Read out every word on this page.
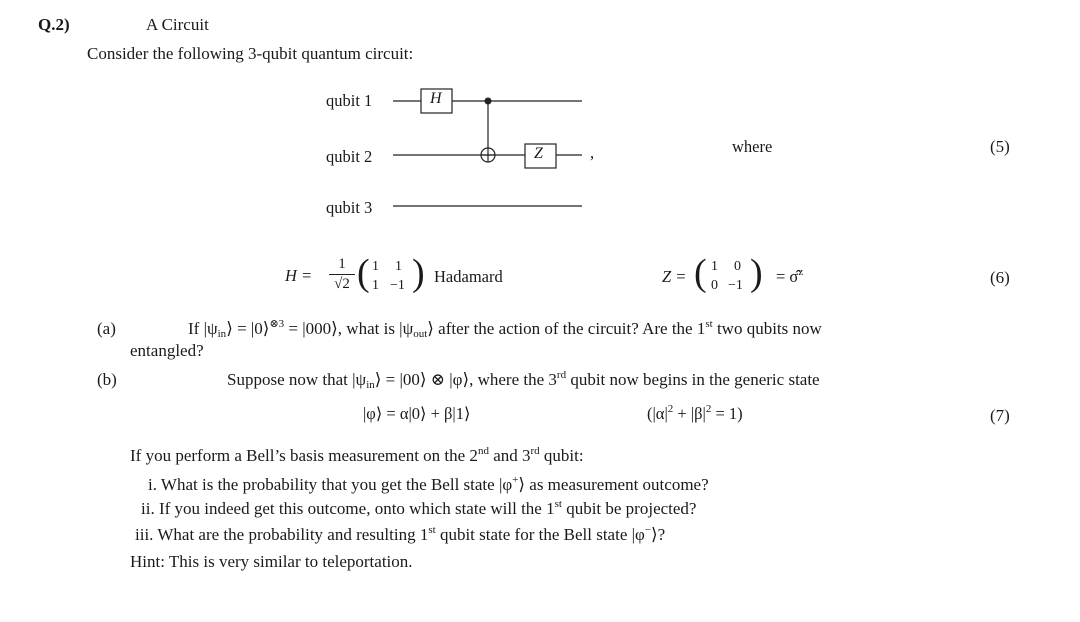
Q.2)	A Circuit
Consider the following 3-qubit quantum circuit:
qubit 1
qubit 2
qubit 3
H
Z	,	where	(5)
$H = \frac{1}{√2}$ ( 1 1
1 −1 ) Hadamard	Z = ( 1 0
0 −1 ) = σ̂$^z$	(6)
(a)	If $|\psi_{in}⟩$ = |0⟩$^{\otimes 3}$ = |000⟩, what is $|\psi_{out}⟩$ after the action of the circuit? Are the 1st two qubits now
entangled?
(b)	Suppose now that $|\psi_{in}⟩$ = |00⟩ ⊗ |φ⟩, where the 3rd qubit now begins in the generic state
|φ⟩ = α|0⟩ + β|1⟩	$(|\alpha|^2 + |\beta|^2 = 1)$	(7)
If you perform a Bell’s basis measurement on the 2nd and 3rd qubit:
i. What is the probability that you get the Bell state |φ+⟩ as measurement outcome?
ii. If you indeed get this outcome, onto which state will the 1st qubit be projected?
iii. What are the probability and resulting 1st qubit state for the Bell state |φ−⟩?
Hint: This is very similar to teleportation.
